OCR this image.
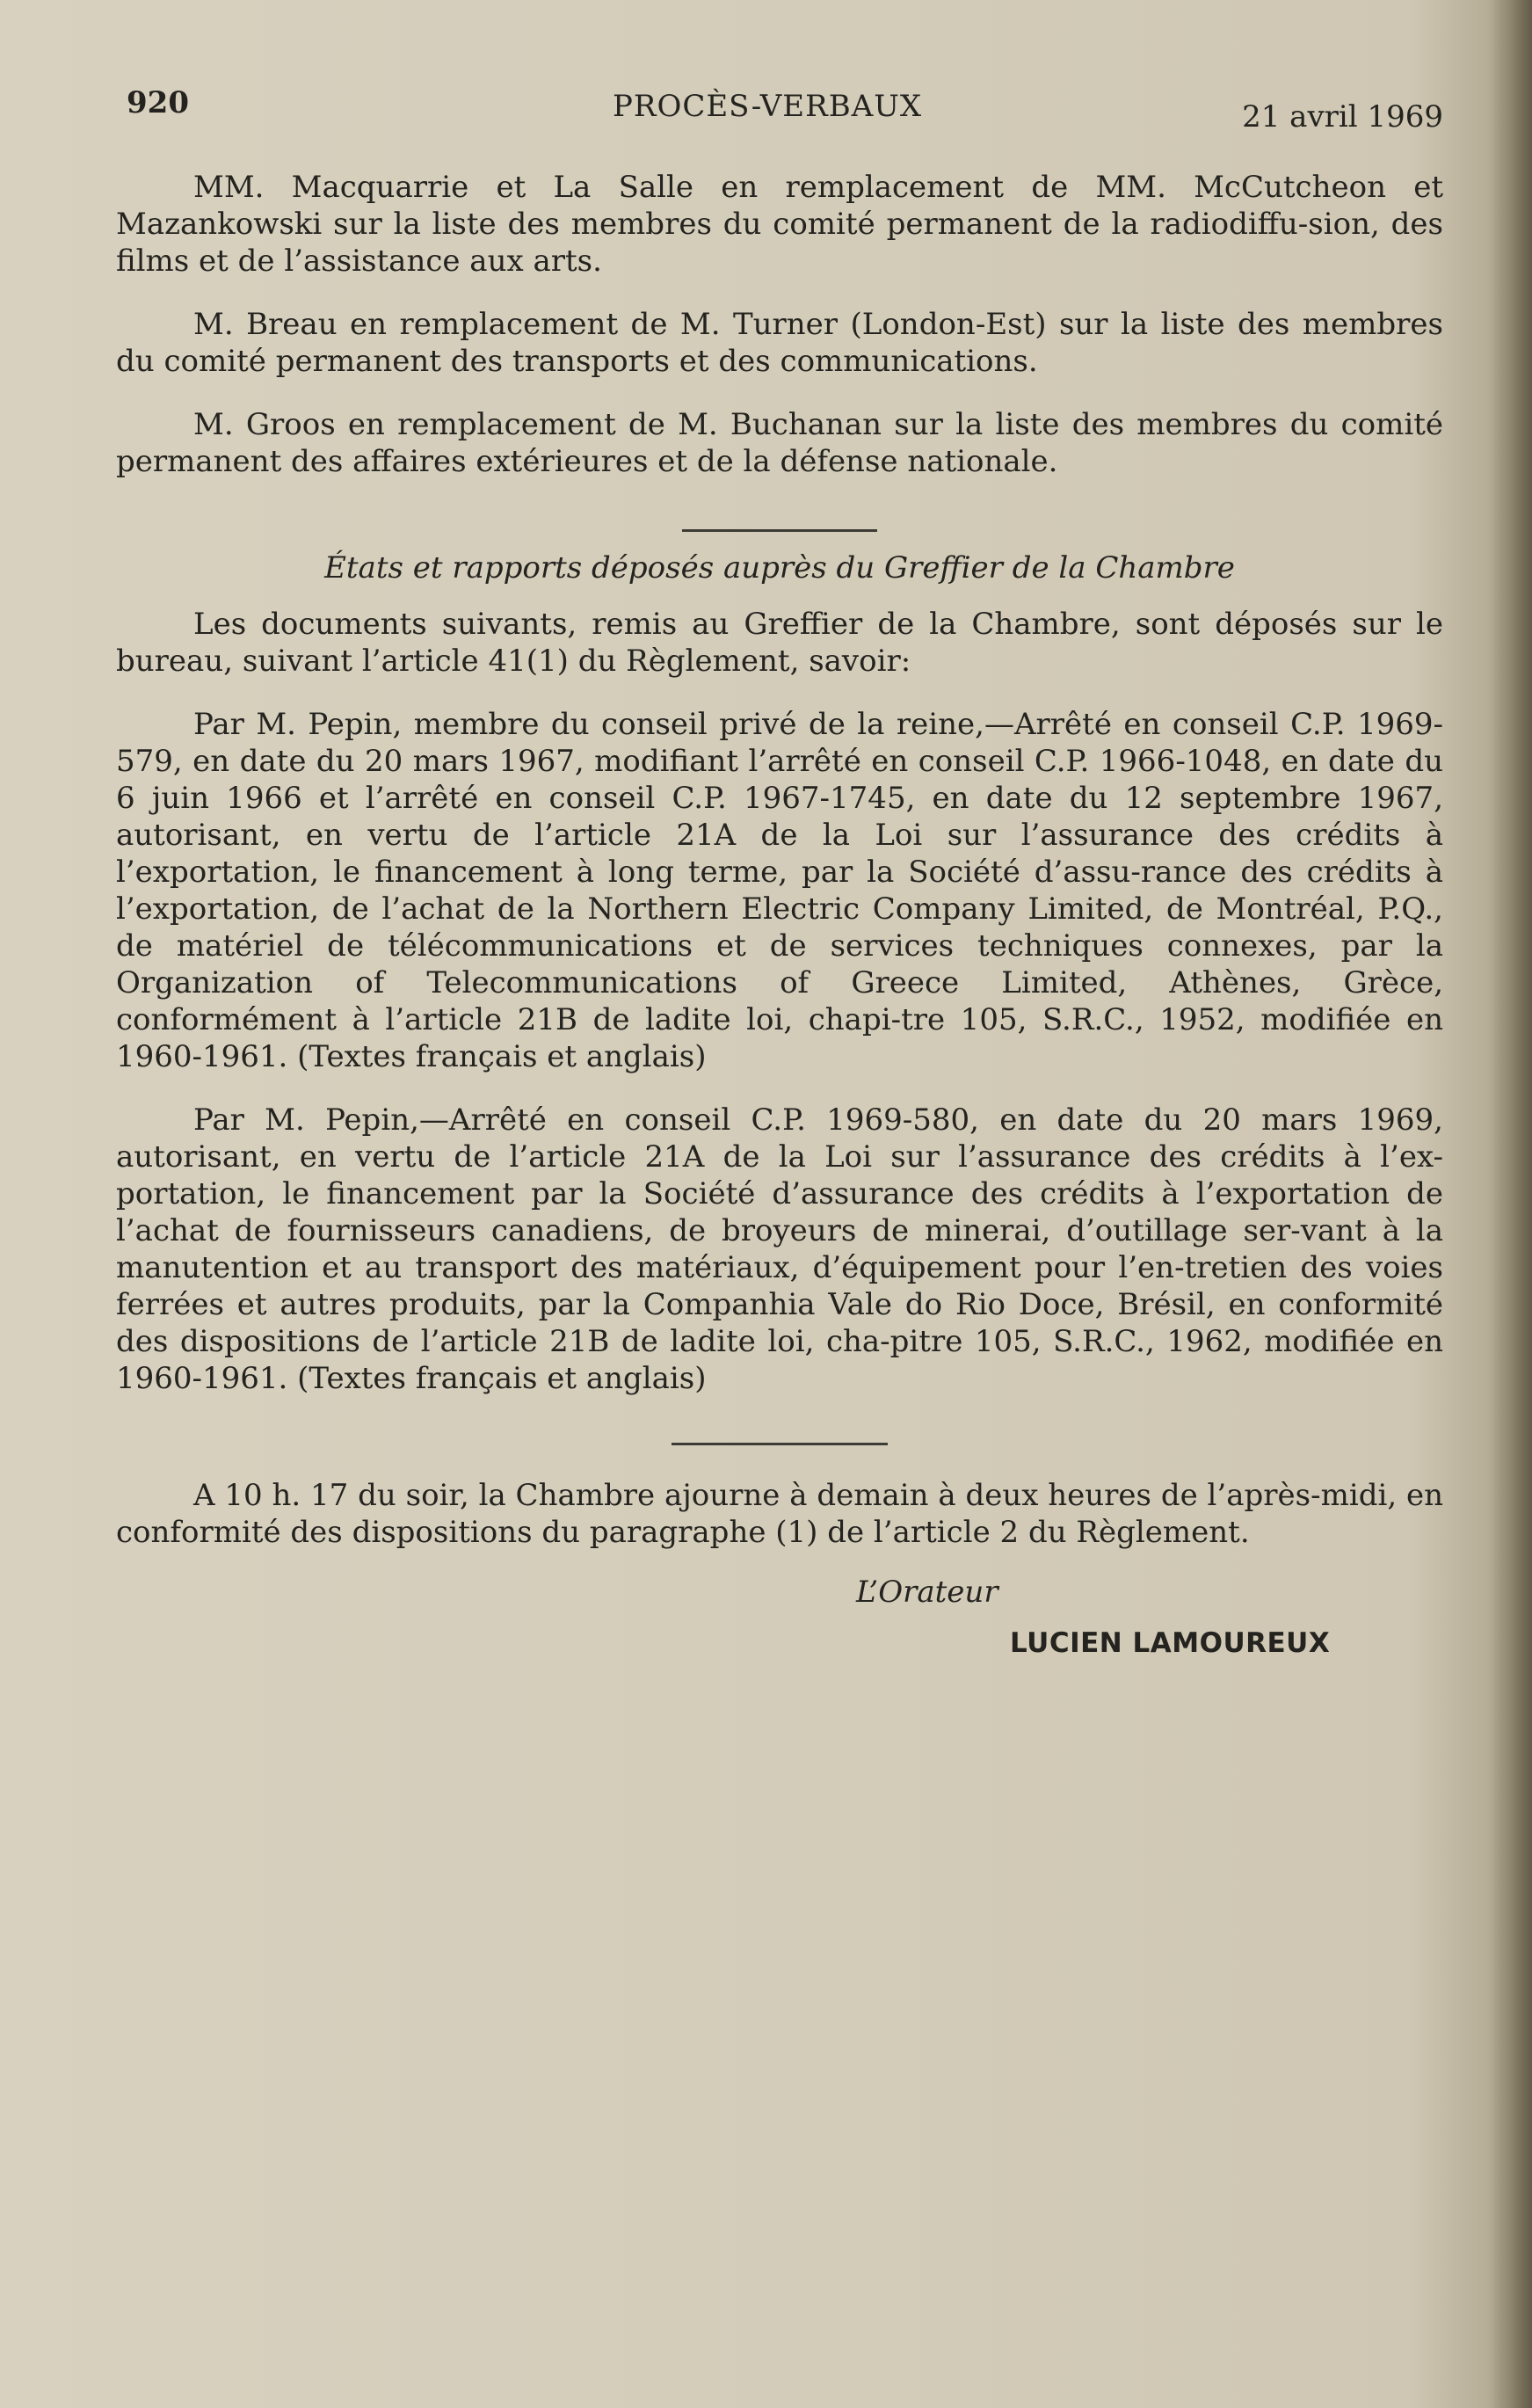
920	PROCÈS-VERBAUX	21 avril 1969

MM. Macquarrie et La Salle en remplacement de MM. McCutcheon et Mazankowski sur la liste des membres du comité permanent de la radiodiffu-sion, des films et de l’assistance aux arts.

M. Breau en remplacement de M. Turner (London-Est) sur la liste des membres du comité permanent des transports et des communications.

M. Groos en remplacement de M. Buchanan sur la liste des membres du comité permanent des affaires extérieures et de la défense nationale.

États et rapports déposés auprès du Greffier de la Chambre

Les documents suivants, remis au Greffier de la Chambre, sont déposés sur le bureau, suivant l’article 41(1) du Règlement, savoir:

Par M. Pepin, membre du conseil privé de la reine,—Arrêté en conseil C.P. 1969-579, en date du 20 mars 1967, modifiant l’arrêté en conseil C.P. 1966-1048, en date du 6 juin 1966 et l’arrêté en conseil C.P. 1967-1745, en date du 12 septembre 1967, autorisant, en vertu de l’article 21A de la Loi sur l’assurance des crédits à l’exportation, le financement à long terme, par la Société d’assu-rance des crédits à l’exportation, de l’achat de la Northern Electric Company Limited, de Montréal, P.Q., de matériel de télécommunications et de services techniques connexes, par la Organization of Telecommunications of Greece Limited, Athènes, Grèce, conformément à l’article 21B de ladite loi, chapi-tre 105, S.R.C., 1952, modifiée en 1960-1961. (Textes français et anglais)

Par M. Pepin,—Arrêté en conseil C.P. 1969-580, en date du 20 mars 1969, autorisant, en vertu de l’article 21A de la Loi sur l’assurance des crédits à l’ex-portation, le financement par la Société d’assurance des crédits à l’exportation de l’achat de fournisseurs canadiens, de broyeurs de minerai, d’outillage ser-vant à la manutention et au transport des matériaux, d’équipement pour l’en-tretien des voies ferrées et autres produits, par la Companhia Vale do Rio Doce, Brésil, en conformité des dispositions de l’article 21B de ladite loi, cha-pitre 105, S.R.C., 1962, modifiée en 1960-1961. (Textes français et anglais)

A 10 h. 17 du soir, la Chambre ajourne à demain à deux heures de l’après-midi, en conformité des dispositions du paragraphe (1) de l’article 2 du Règlement.

L’Orateur
LUCIEN LAMOUREUX
